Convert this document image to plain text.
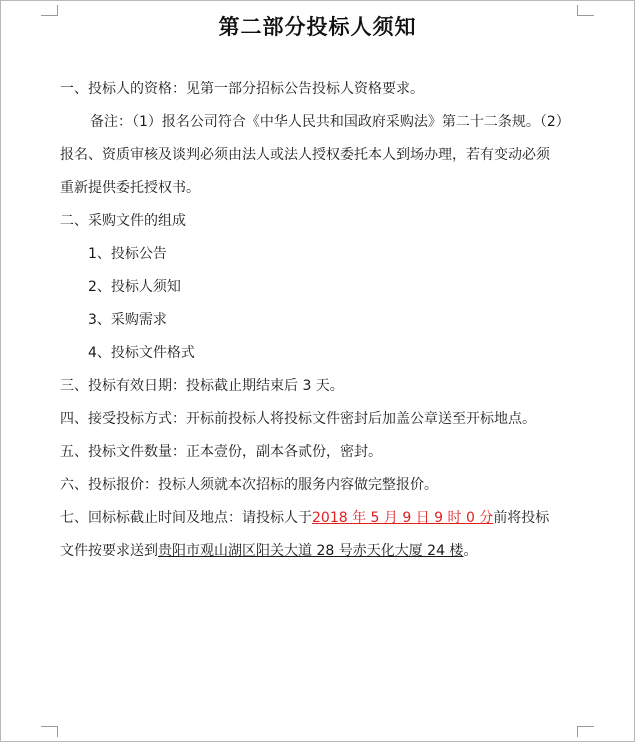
第二部分投标人须知
一、投标人的资格：见第一部分招标公告投标人资格要求。
备注：（1）报名公司符合《中华人民共和国政府采购法》第二十二条规。（2）
报名、资质审核及谈判必须由法人或法人授权委托本人到场办理，若有变动必须
重新提供委托授权书。
二、采购文件的组成
1、投标公告
2、投标人须知
3、采购需求
4、投标文件格式
三、投标有效日期：投标截止期结束后 3 天。
四、接受投标方式：开标前投标人将投标文件密封后加盖公章送至开标地点。
五、投标文件数量：正本壹份，副本各贰份，密封。
六、投标报价：投标人须就本次招标的服务内容做完整报价。
七、回标标截止时间及地点：请投标人于2018 年 5 月 9 日 9 时 0 分前将投标
文件按要求送到贵阳市观山湖区阳关大道 28 号赤天化大厦 24 楼。
